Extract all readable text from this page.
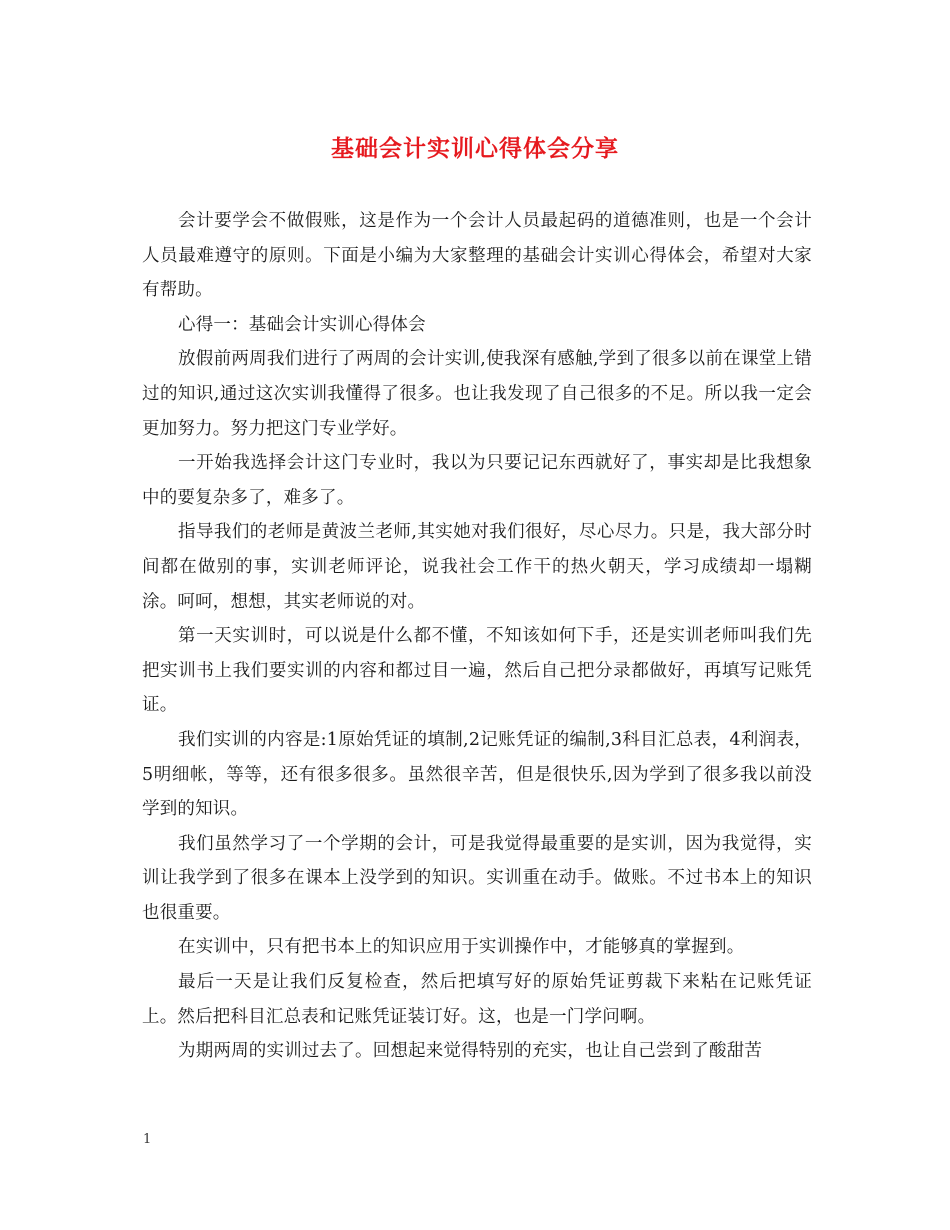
基础会计实训心得体会分享

会计要学会不做假账，这是作为一个会计人员最起码的道德准则，也是一个会计人员最难遵守的原则。下面是小编为大家整理的基础会计实训心得体会，希望对大家有帮助。

心得一：基础会计实训心得体会

放假前两周我们进行了两周的会计实训,使我深有感触,学到了很多以前在课堂上错过的知识,通过这次实训我懂得了很多。也让我发现了自己很多的不足。所以我一定会更加努力。努力把这门专业学好。

一开始我选择会计这门专业时，我以为只要记记东西就好了，事实却是比我想象中的要复杂多了，难多了。

指导我们的老师是黄波兰老师,其实她对我们很好，尽心尽力。只是，我大部分时间都在做别的事，实训老师评论，说我社会工作干的热火朝天，学习成绩却一塌糊涂。呵呵，想想，其实老师说的对。

第一天实训时，可以说是什么都不懂，不知该如何下手，还是实训老师叫我们先把实训书上我们要实训的内容和都过目一遍，然后自己把分录都做好，再填写记账凭证。

我们实训的内容是:1原始凭证的填制,2记账凭证的编制,3科目汇总表，4利润表，5明细帐，等等，还有很多很多。虽然很辛苦，但是很快乐,因为学到了很多我以前没学到的知识。

我们虽然学习了一个学期的会计，可是我觉得最重要的是实训，因为我觉得，实训让我学到了很多在课本上没学到的知识。实训重在动手。做账。不过书本上的知识也很重要。

在实训中，只有把书本上的知识应用于实训操作中，才能够真的掌握到。

最后一天是让我们反复检查，然后把填写好的原始凭证剪裁下来粘在记账凭证上。然后把科目汇总表和记账凭证装订好。这，也是一门学问啊。

为期两周的实训过去了。回想起来觉得特别的充实，也让自己尝到了酸甜苦

1
